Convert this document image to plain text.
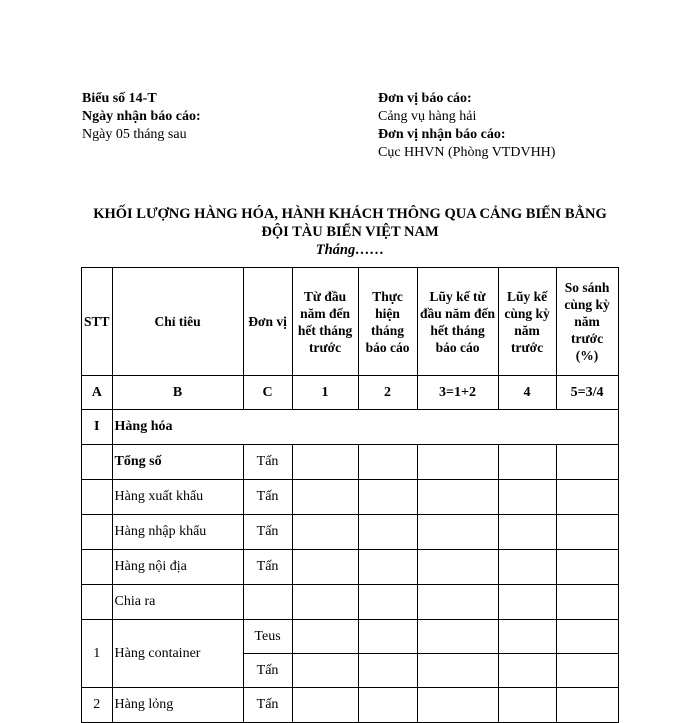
Biểu số 14-T
Ngày nhận báo cáo:
Ngày 05 tháng sau
Đơn vị báo cáo:
Cảng vụ hàng hải
Đơn vị nhận báo cáo:
Cục HHVN (Phòng VTDVHH)
KHỐI LƯỢNG HÀNG HÓA, HÀNH KHÁCH THÔNG QUA CẢNG BIỂN BẰNG
ĐỘI TÀU BIỂN VIỆT NAM
Tháng……
STT	Chỉ tiêu	Đơn vị	Từ đầu năm đến hết tháng trước	Thực hiện tháng báo cáo	Lũy kế từ đầu năm đến hết tháng báo cáo	Lũy kế cùng kỳ năm trước	So sánh cùng kỳ năm trước (%)
A	B	C	1	2	3=1+2	4	5=3/4
I	Hàng hóa						
	Tổng số	Tấn					
	Hàng xuất khẩu	Tấn					
	Hàng nhập khẩu	Tấn					
	Hàng nội địa	Tấn					
	Chia ra						
1	Hàng container	Teus					
		Tấn					
2	Hàng lỏng	Tấn					
